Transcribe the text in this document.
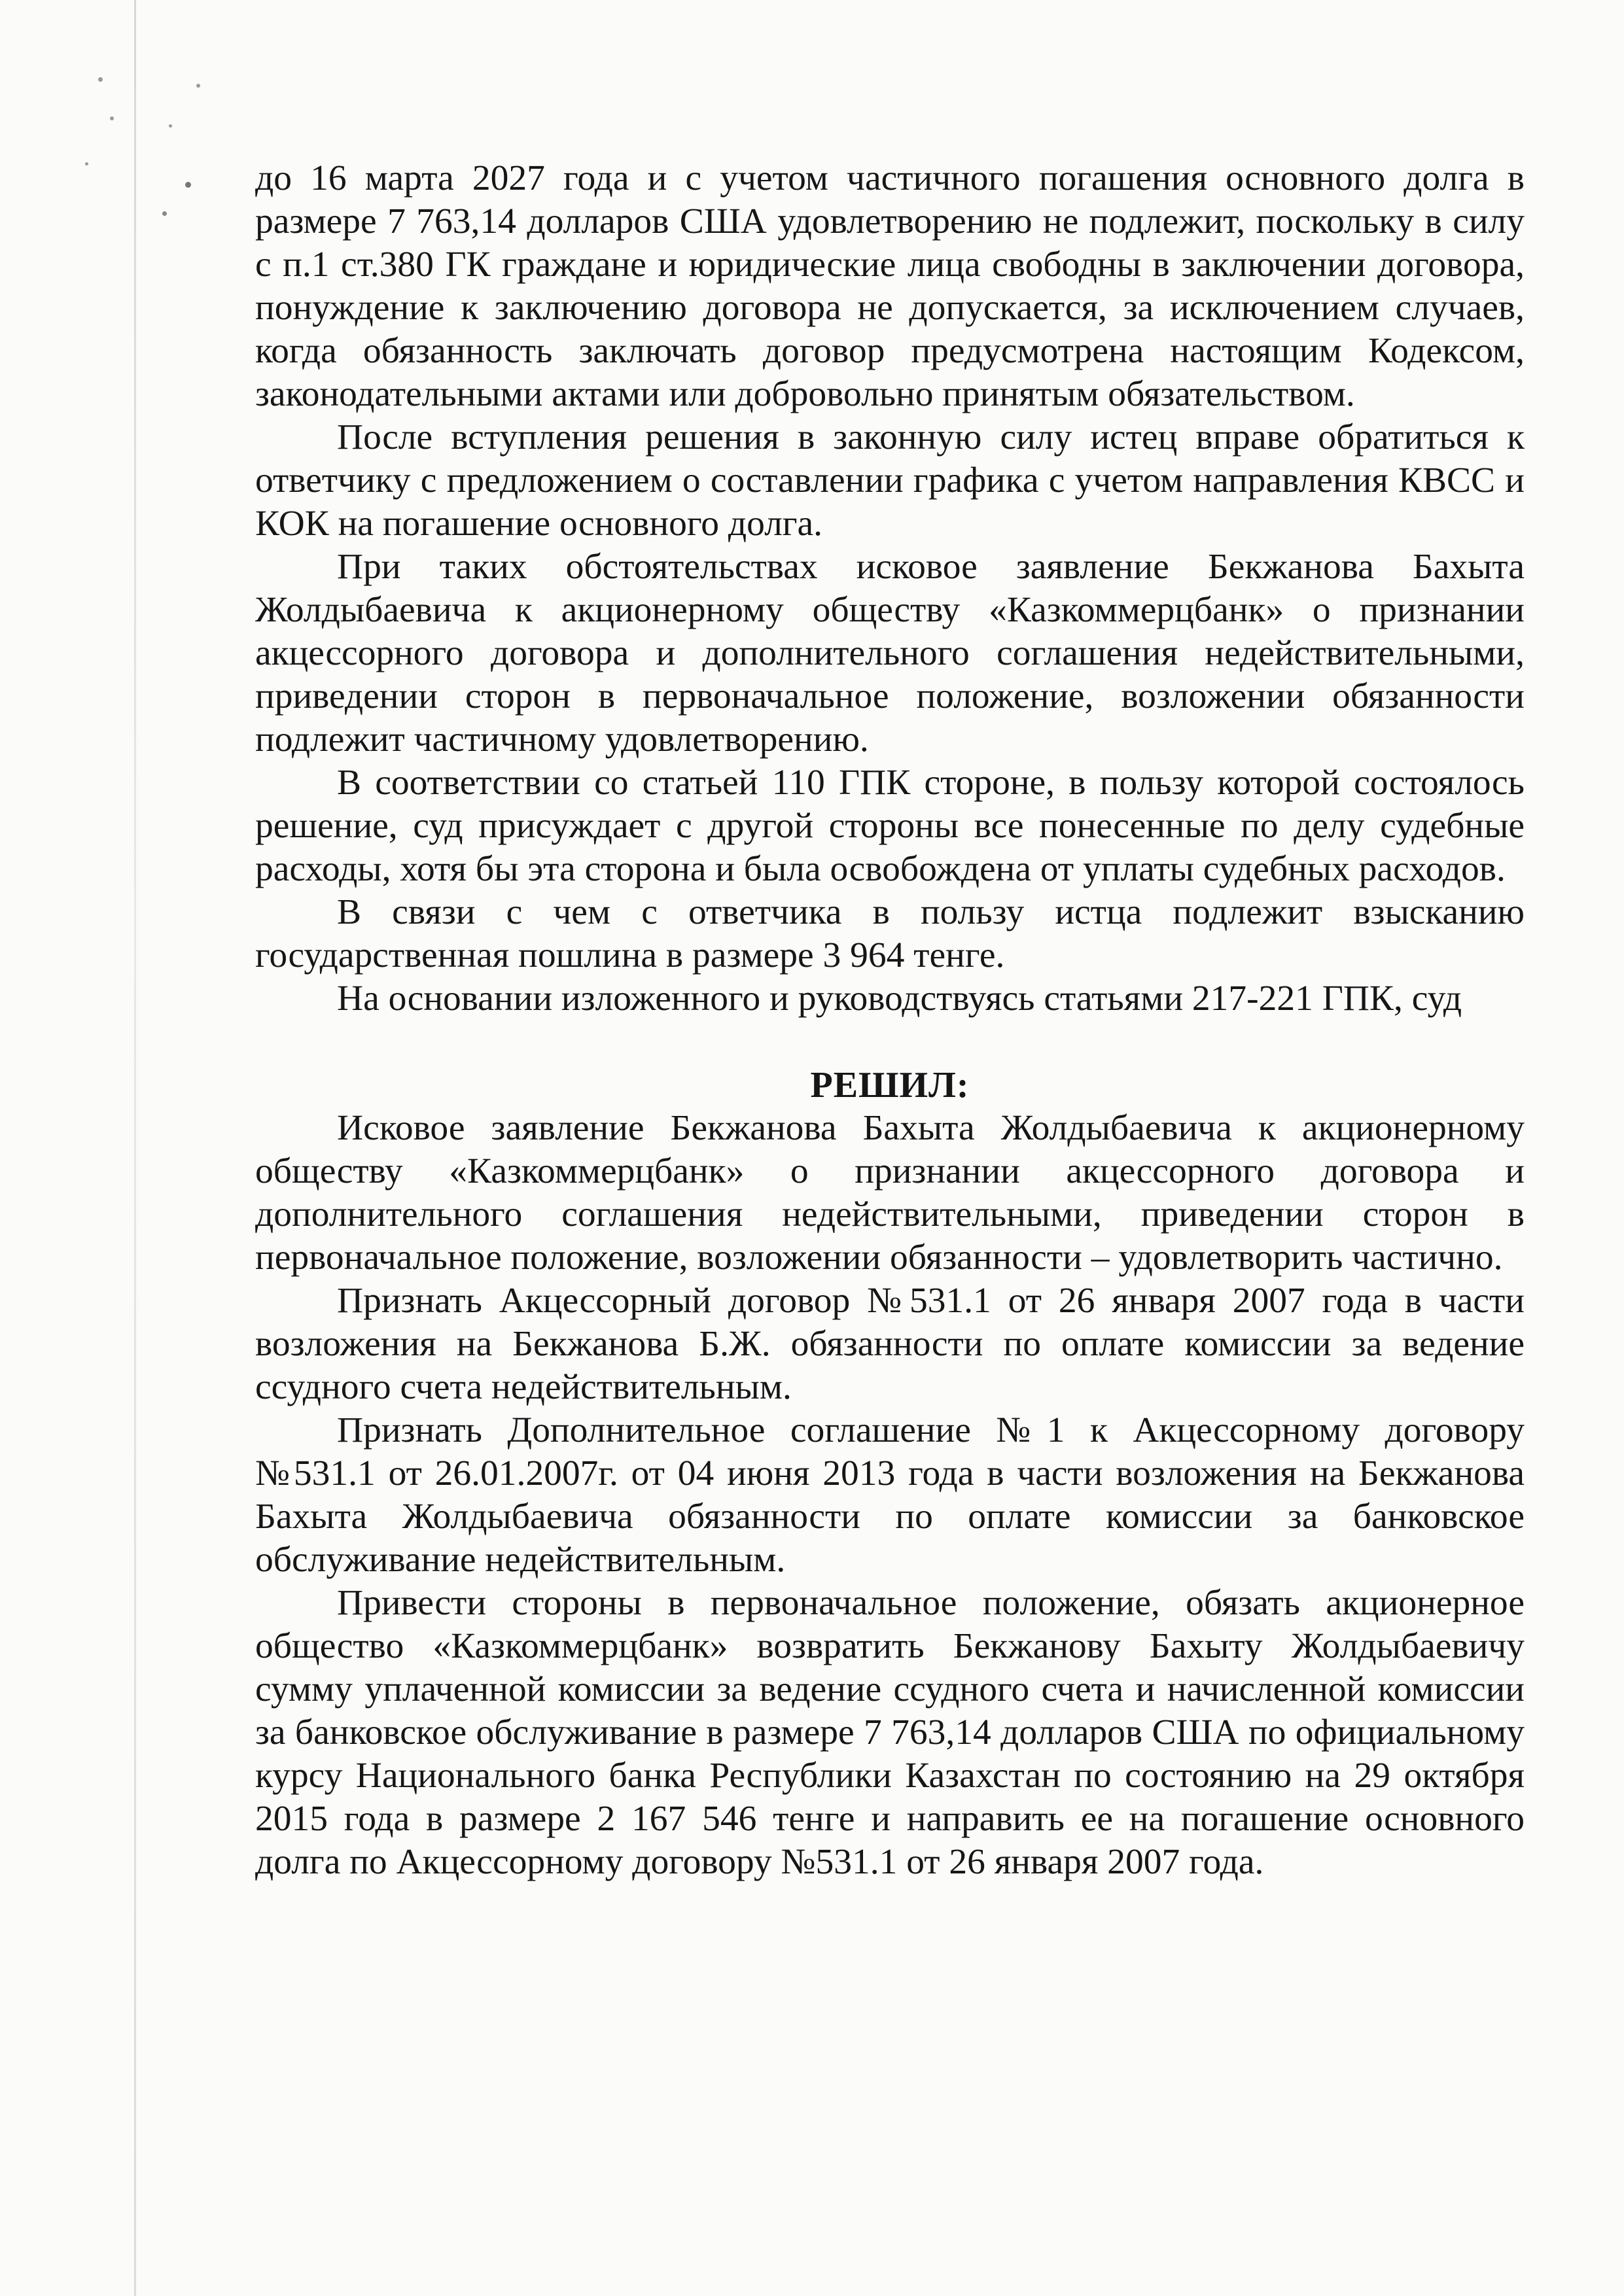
до 16 марта 2027 года и с учетом частичного погашения основного долга в размере 7 763,14 долларов США удовлетворению не подлежит, поскольку в силу с п.1 ст.380 ГК граждане и юридические лица свободны в заключении договора, понуждение к заключению договора не допускается, за исключением случаев, когда обязанность заключать договор предусмотрена настоящим Кодексом, законодательными актами или добровольно принятым обязательством.

После вступления решения в законную силу истец вправе обратиться к ответчику с предложением о составлении графика с учетом направления КВСС и КОК на погашение основного долга.

При таких обстоятельствах исковое заявление Бекжанова Бахыта Жолдыбаевича к акционерному обществу «Казкоммерцбанк» о признании акцессорного договора и дополнительного соглашения недействительными, приведении сторон в первоначальное положение, возложении обязанности подлежит частичному удовлетворению.

В соответствии со статьей 110 ГПК стороне, в пользу которой состоялось решение, суд присуждает с другой стороны все понесенные по делу судебные расходы, хотя бы эта сторона и была освобождена от уплаты судебных расходов.

В связи с чем с ответчика в пользу истца подлежит взысканию государственная пошлина в размере 3 964 тенге.

На основании изложенного и руководствуясь статьями 217-221 ГПК, суд

РЕШИЛ:

Исковое заявление Бекжанова Бахыта Жолдыбаевича к акционерному обществу «Казкоммерцбанк» о признании акцессорного договора и дополнительного соглашения недействительными, приведении сторон в первоначальное положение, возложении обязанности – удовлетворить частично.

Признать Акцессорный договор №531.1 от 26 января 2007 года в части возложения на Бекжанова Б.Ж. обязанности по оплате комиссии за ведение ссудного счета недействительным.

Признать Дополнительное соглашение №1 к Акцессорному договору №531.1 от 26.01.2007г. от 04 июня 2013 года в части возложения на Бекжанова Бахыта Жолдыбаевича обязанности по оплате комиссии за банковское обслуживание недействительным.

Привести стороны в первоначальное положение, обязать акционерное общество «Казкоммерцбанк» возвратить Бекжанову Бахыту Жолдыбаевичу сумму уплаченной комиссии за ведение ссудного счета и начисленной комиссии за банковское обслуживание в размере 7 763,14 долларов США по официальному курсу Национального банка Республики Казахстан по состоянию на 29 октября 2015 года в размере 2 167 546 тенге и направить ее на погашение основного долга по Акцессорному договору №531.1 от 26 января 2007 года.
